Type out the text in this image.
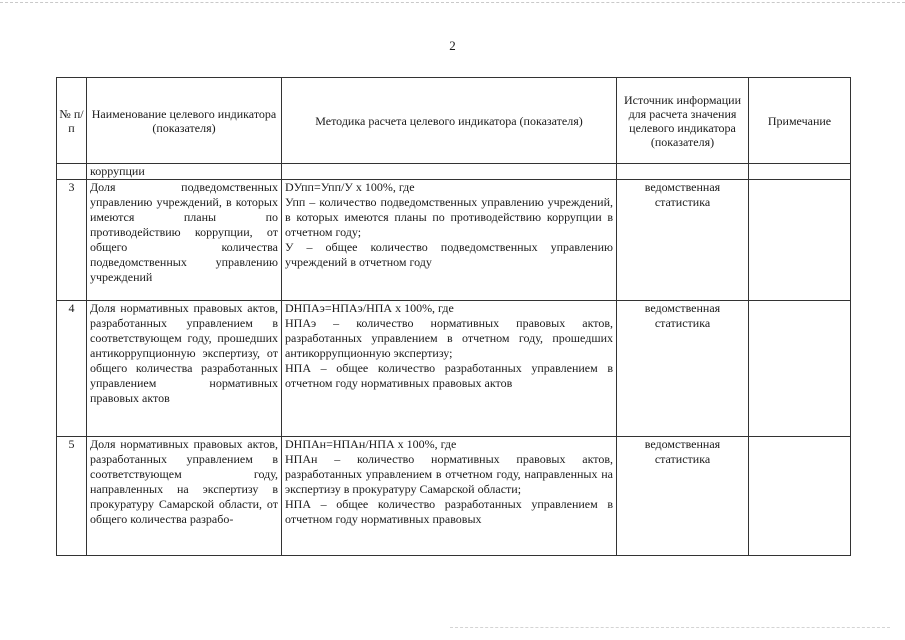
2
№ п/п	Наименование целевого индикатора (показателя)	Методика расчета целевого индикатора (показателя)	Источник информации для расчета значения целевого индикатора (показателя)	Примечание
	коррупции			
3	Доля подведомственных управлению учреждений, в которых имеются планы по противодействию коррупции, от общего количества подведомственных управлению учреждений	DУпп=Упп/У х 100%, где
Упп – количество подведомственных управлению учреждений, в которых имеются планы по противодействию коррупции в отчетном году;
У – общее количество подведомственных управлению учреждений в отчетном году	ведомственная статистика	
4	Доля нормативных правовых актов, разработанных управлением в соответствующем году, прошедших антикоррупционную экспертизу, от общего количества разработанных управлением нормативных правовых актов	DНПАэ=НПАэ/НПА х 100%, где
НПАэ – количество нормативных правовых актов, разработанных управлением в отчетном году, прошедших антикоррупционную экспертизу;
НПА – общее количество разработанных управлением в отчетном году нормативных правовых актов	ведомственная статистика	
5	Доля нормативных правовых актов, разработанных управлением в соответствующем году, направленных на экспертизу в прокуратуру Самарской области, от общего количества разрабо-	DНПАн=НПАн/НПА х 100%, где
НПАн – количество нормативных правовых актов, разработанных управлением в отчетном году, направленных на экспертизу в прокуратуру Самарской области;
НПА – общее количество разработанных управлением в отчетном году нормативных правовых	ведомственная статистика	
